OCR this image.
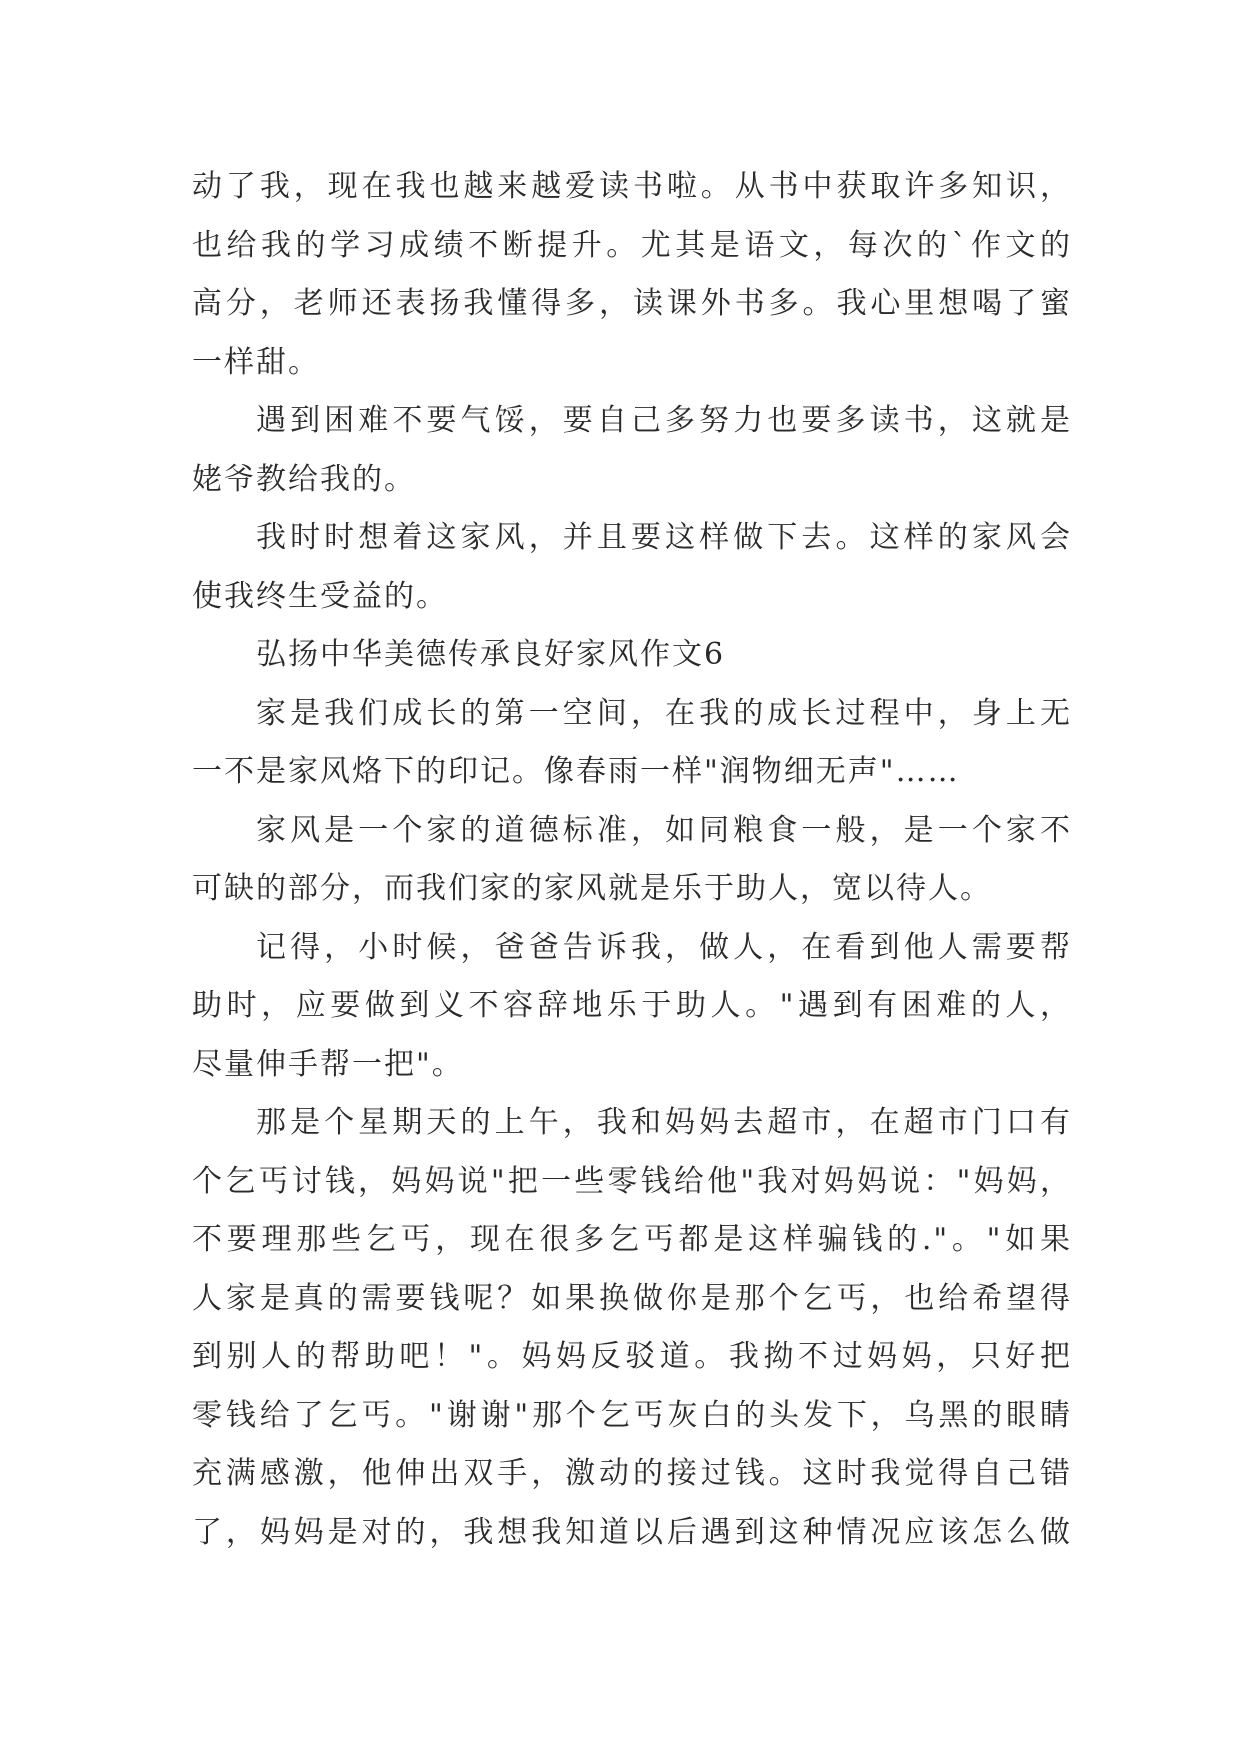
动了我，现在我也越来越爱读书啦。从书中获取许多知识，
也给我的学习成绩不断提升。尤其是语文，每次的`作文的
高分，老师还表扬我懂得多，读课外书多。我心里想喝了蜜
一样甜。
遇到困难不要气馁，要自己多努力也要多读书，这就是
姥爷教给我的。
我时时想着这家风，并且要这样做下去。这样的家风会
使我终生受益的。
弘扬中华美德传承良好家风作文6
家是我们成长的第一空间，在我的成长过程中，身上无
一不是家风烙下的印记。像春雨一样"润物细无声"……
家风是一个家的道德标准，如同粮食一般，是一个家不
可缺的部分，而我们家的家风就是乐于助人，宽以待人。
记得，小时候，爸爸告诉我，做人，在看到他人需要帮
助时，应要做到义不容辞地乐于助人。"遇到有困难的人，
尽量伸手帮一把"。
那是个星期天的上午，我和妈妈去超市，在超市门口有
个乞丐讨钱，妈妈说"把一些零钱给他"我对妈妈说："妈妈，
不要理那些乞丐，现在很多乞丐都是这样骗钱的."。"如果
人家是真的需要钱呢？如果换做你是那个乞丐，也给希望得
到别人的帮助吧！"。妈妈反驳道。我拗不过妈妈，只好把
零钱给了乞丐。"谢谢"那个乞丐灰白的头发下，乌黑的眼睛
充满感激，他伸出双手，激动的接过钱。这时我觉得自己错
了，妈妈是对的，我想我知道以后遇到这种情况应该怎么做
